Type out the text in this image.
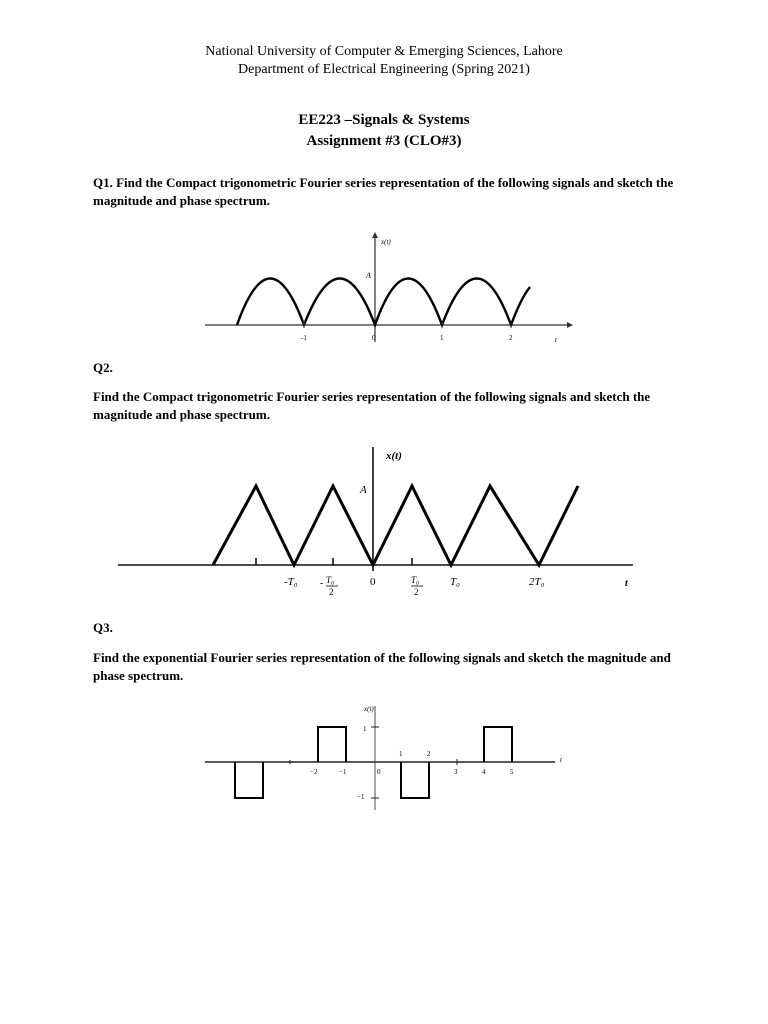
National University of Computer & Emerging Sciences, Lahore
Department of Electrical Engineering (Spring 2021)
EE223 –Signals & Systems
Assignment #3 (CLO#3)
Q1. Find the Compact trigonometric Fourier series representation of the following signals and sketch the magnitude and phase spectrum.
x(t)
A
t
-1	0	1	2
Q2.
Find the Compact trigonometric Fourier series representation of the following signals and sketch the magnitude and phase spectrum.
x(t)
A
t
-T₀	T₀
-
2
0	T₀
2
T₀	2T₀
Q3.
Find the exponential Fourier series representation of the following signals and sketch the magnitude and phase spectrum.
x(t)
1
−1
t
−2	−1	0	3	4	5
1	2
